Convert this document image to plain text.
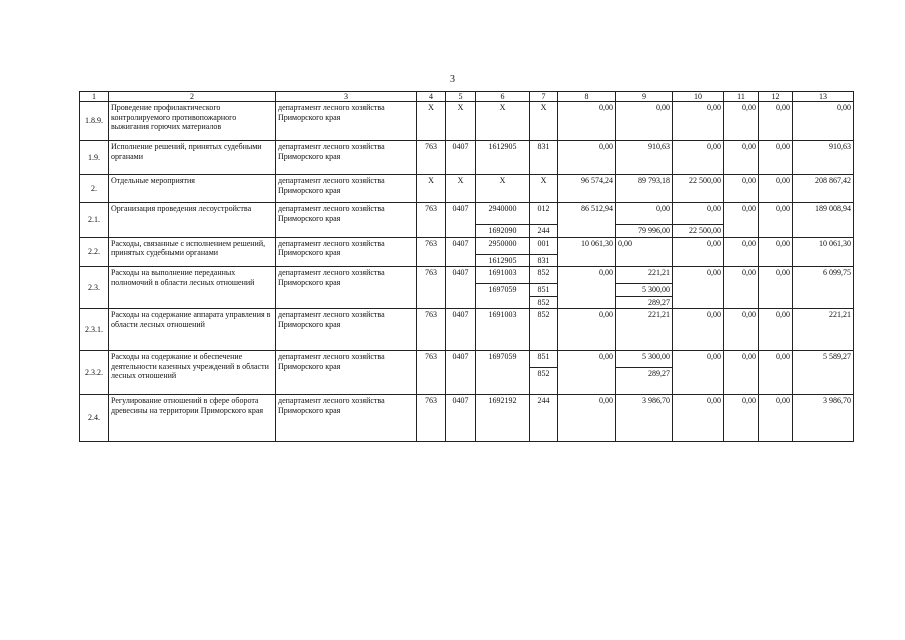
3
1	2	3	4	5	6	7	8	9	10	11	12	13
1.8.9.	Проведение профилактического контролируемого противопожарного выжигания горючих материалов	департамент лесного хозяйства Приморского края	X	X	X	X	0,00	0,00	0,00	0,00	0,00	0,00
1.9.	Исполнение решений, принятых судебными органами	департамент лесного хозяйства Приморского края	763	0407	1612905	831	0,00	910,63	0,00	0,00	0,00	910,63
2.	Отдельные мероприятия	департамент лесного хозяйства Приморского края	X	X	X	X	96 574,24	89 793,18	22 500,00	0,00	0,00	208 867,42
2.1.	Организация проведения лесоустройства	департамент лесного хозяйства Приморского края	763	0407	2940000	012	86 512,94	0,00	0,00	0,00	0,00	189 008,94
					1692090	244		79 996,00	22 500,00			
2.2.	Расходы, связанные с исполнением решений, принятых судебными органами	департамент лесного хозяйства Приморского края	763	0407	2950000	001	10 061,30	0,00	0,00	0,00	0,00	10 061,30
					1612905	831						
2.3.	Расходы на выполнение переданных полномочий в области лесных отношений	департамент лесного хозяйства Приморского края	763	0407	1691003	852	0,00	221,21	0,00	0,00	0,00	6 099,75
					1697059	851		5 300,00				
						852		289,27				
2.3.1.	Расходы на содержание аппарата управления в области лесных отношений	департамент лесного хозяйства Приморского края	763	0407	1691003	852	0,00	221,21	0,00	0,00	0,00	221,21
2.3.2.	Расходы на содержание и обеспечение деятельности казенных учреждений в области лесных отношений	департамент лесного хозяйства Приморского края	763	0407	1697059	851	0,00	5 300,00	0,00	0,00	0,00	5 589,27
						852		289,27				
2.4.	Регулирование отношений в сфере оборота древесины на территории Приморского края	департамент лесного хозяйства Приморского края	763	0407	1692192	244	0,00	3 986,70	0,00	0,00	0,00	3 986,70
